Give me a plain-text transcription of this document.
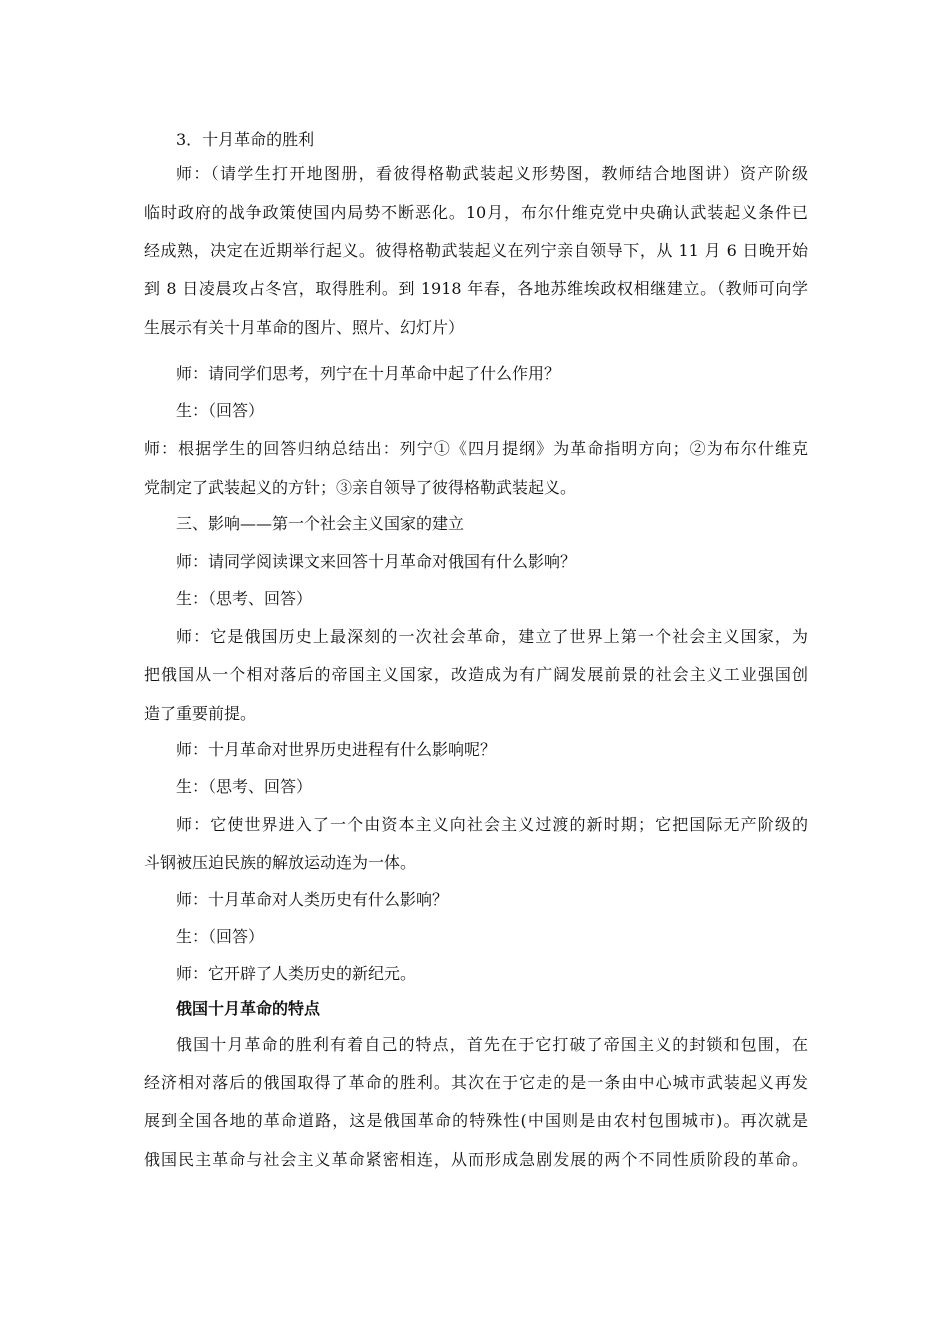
3．十月革命的胜利
师：（请学生打开地图册，看彼得格勒武装起义形势图，教师结合地图讲）资产阶级
临时政府的战争政策使国内局势不断恶化。10月，布尔什维克党中央确认武装起义条件已
经成熟，决定在近期举行起义。彼得格勒武装起义在列宁亲自领导下，从 11 月 6 日晚开始
到 8 日凌晨攻占冬宫，取得胜利。到 1918 年春，各地苏维埃政权相继建立。（教师可向学
生展示有关十月革命的图片、照片、幻灯片）
师：请同学们思考，列宁在十月革命中起了什么作用？
生：（回答）
师：根据学生的回答归纳总结出：列宁①《四月提纲》为革命指明方向；②为布尔什维克
党制定了武装起义的方针；③亲自领导了彼得格勒武装起义。
三、影响——第一个社会主义国家的建立
师：请同学阅读课文来回答十月革命对俄国有什么影响？
生：（思考、回答）
师：它是俄国历史上最深刻的一次社会革命，建立了世界上第一个社会主义国家，为
把俄国从一个相对落后的帝国主义国家，改造成为有广阔发展前景的社会主义工业强国创
造了重要前提。
师：十月革命对世界历史进程有什么影响呢？
生：（思考、回答）
师：它使世界进入了一个由资本主义向社会主义过渡的新时期；它把国际无产阶级的
斗钢被压迫民族的解放运动连为一体。
师：十月革命对人类历史有什么影响？
生：（回答）
师：它开辟了人类历史的新纪元。
俄国十月革命的特点
俄国十月革命的胜利有着自己的特点，首先在于它打破了帝国主义的封锁和包围，在
经济相对落后的俄国取得了革命的胜利。其次在于它走的是一条由中心城市武装起义再发
展到全国各地的革命道路，这是俄国革命的特殊性(中国则是由农村包围城市)。再次就是
俄国民主革命与社会主义革命紧密相连，从而形成急剧发展的两个不同性质阶段的革命。
